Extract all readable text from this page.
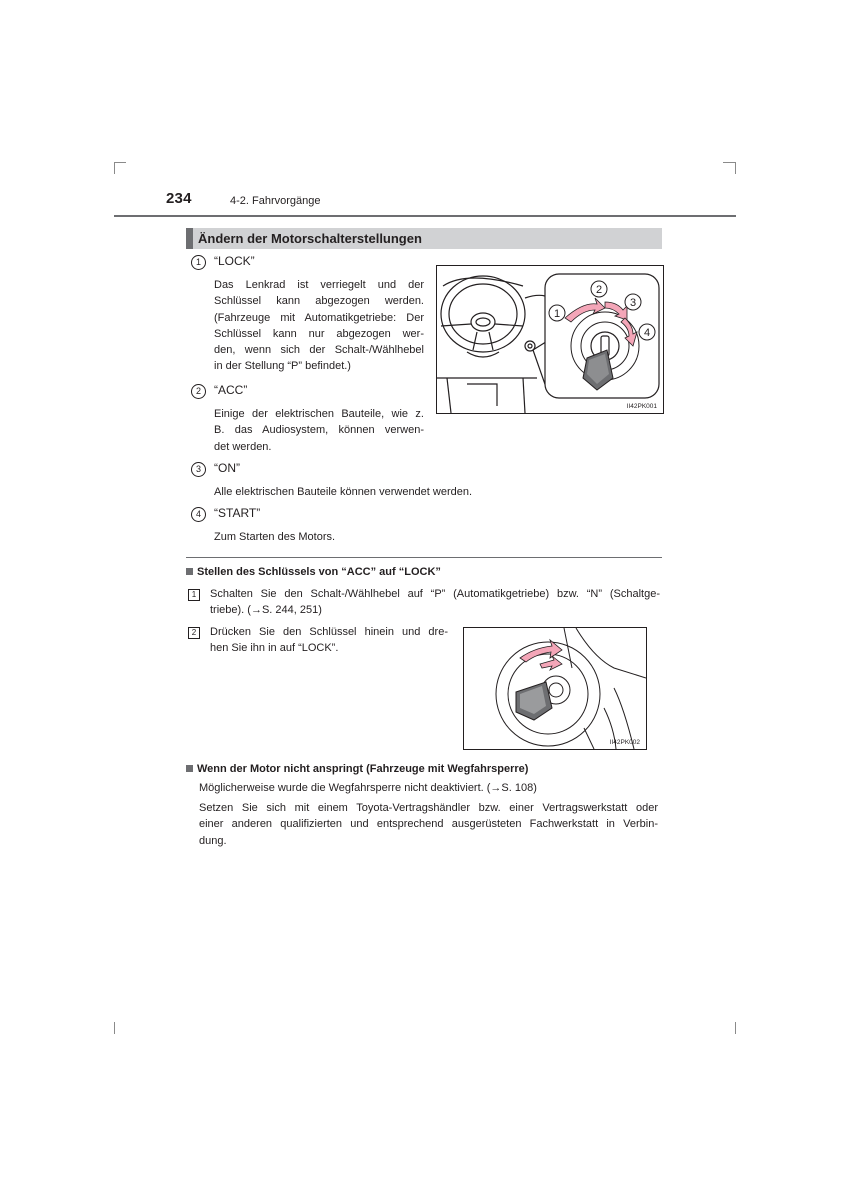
234	4-2. Fahrvorgänge
Ändern der Motorschalterstellungen
1	“LOCK”
Das Lenkrad ist verriegelt und der
Schlüssel kann abgezogen werden.
(Fahrzeuge mit Automatikgetriebe: Der
Schlüssel kann nur abgezogen wer-
den, wenn sich der Schalt-/Wählhebel
in der Stellung “P” befindet.)
2	“ACC”
Einige der elektrischen Bauteile, wie z.
B. das Audiosystem, können verwen-
det werden.
3	“ON”
Alle elektrischen Bauteile können verwendet werden.
4	“START”
Zum Starten des Motors.
1
2
3
4
II42PK001
Stellen des Schlüssels von “ACC” auf “LOCK”
1	Schalten Sie den Schalt-/Wählhebel auf “P” (Automatikgetriebe) bzw. “N” (Schaltge-
triebe). (→S. 244, 251)
2	Drücken Sie den Schlüssel hinein und dre-
hen Sie ihn in auf “LOCK”.
II42PK002
Wenn der Motor nicht anspringt (Fahrzeuge mit Wegfahrsperre)
Möglicherweise wurde die Wegfahrsperre nicht deaktiviert. (→S. 108)
Setzen Sie sich mit einem Toyota-Vertragshändler bzw. einer Vertragswerkstatt oder
einer anderen qualifizierten und entsprechend ausgerüsteten Fachwerkstatt in Verbin-
dung.
